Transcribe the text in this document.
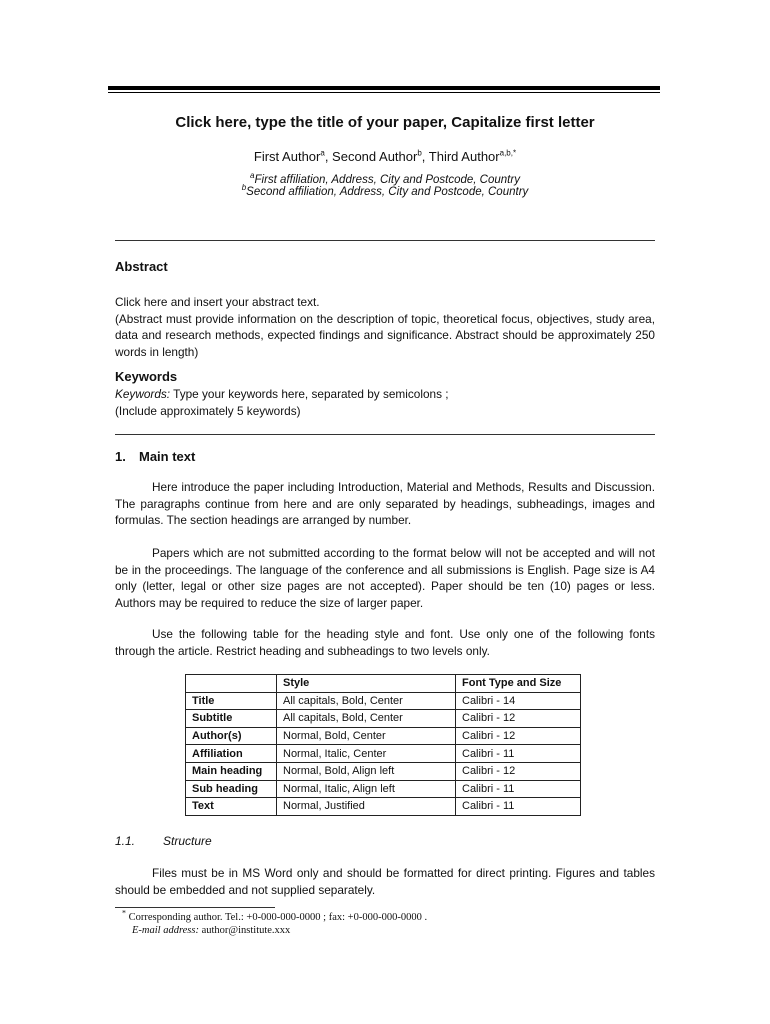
Click here, type the title of your paper, Capitalize first letter
First Author$^a$, Second Author$^b$, Third Author$^{a,b,*}$
$^a$First affiliation, Address, City and Postcode, Country
$^b$Second affiliation, Address, City and Postcode, Country
Abstract
Click here and insert your abstract text.
(Abstract must provide information on the description of topic, theoretical focus, objectives, study area, data and research methods, expected findings and significance. Abstract should be approximately 250 words in length)
Keywords
Keywords: Type your keywords here, separated by semicolons ;
(Include approximately 5 keywords)
1. Main text
Here introduce the paper including Introduction, Material and Methods, Results and Discussion. The paragraphs continue from here and are only separated by headings, subheadings, images and formulas. The section headings are arranged by number.
Papers which are not submitted according to the format below will not be accepted and will not be in the proceedings. The language of the conference and all submissions is English. Page size is A4 only (letter, legal or other size pages are not accepted). Paper should be ten (10) pages or less. Authors may be required to reduce the size of larger paper.
Use the following table for the heading style and font. Use only one of the following fonts through the article. Restrict heading and subheadings to two levels only.
	Style	Font Type and Size
Title	All capitals, Bold, Center	Calibri - 14
Subtitle	All capitals, Bold, Center	Calibri - 12
Author(s)	Normal, Bold, Center	Calibri - 12
Affiliation	Normal, Italic, Center	Calibri - 11
Main heading	Normal, Bold, Align left	Calibri - 12
Sub heading	Normal, Italic, Align left	Calibri - 11
Text	Normal, Justified	Calibri - 11
1.1. Structure
Files must be in MS Word only and should be formatted for direct printing. Figures and tables should be embedded and not supplied separately.
* Corresponding author. Tel.: +0-000-000-0000 ; fax: +0-000-000-0000 .
E-mail address: author@institute.xxx
